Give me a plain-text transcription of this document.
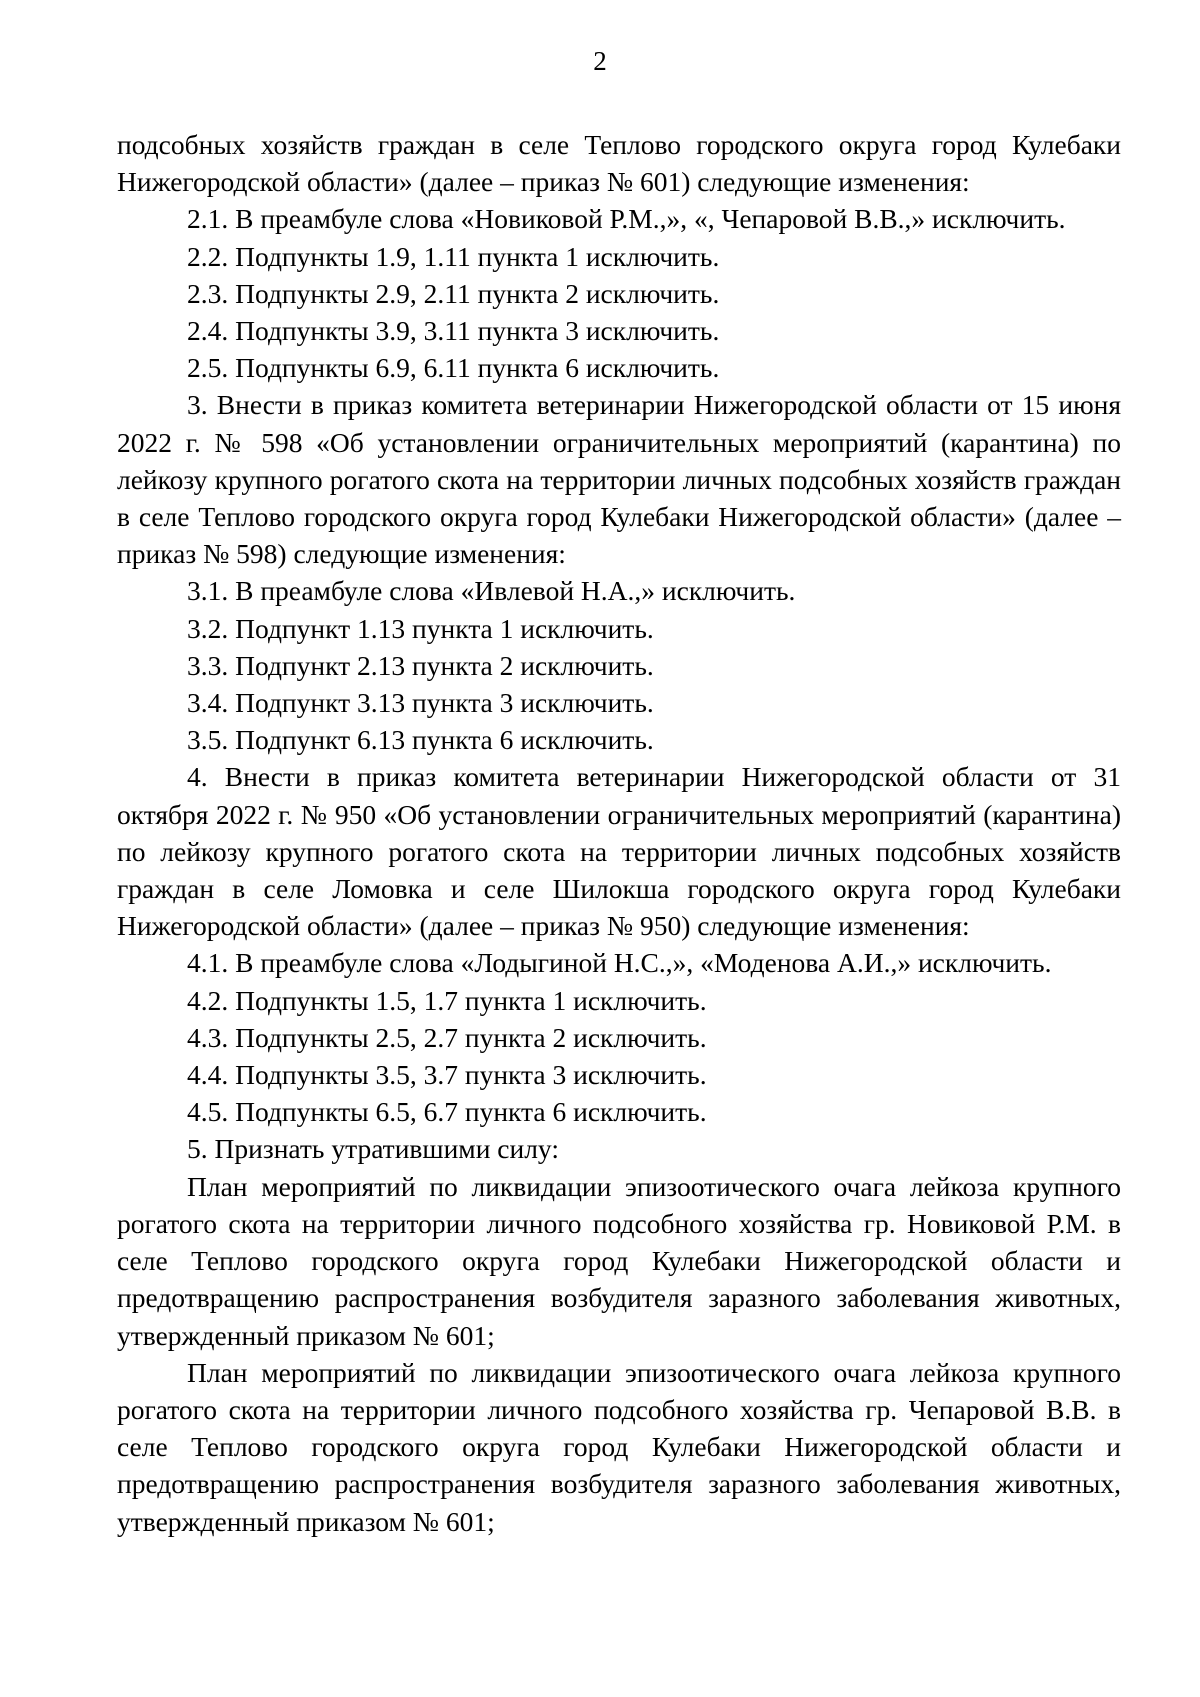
2

подсобных хозяйств граждан в селе Теплово городского округа город Кулебаки Нижегородской области» (далее – приказ № 601) следующие изменения:

2.1. В преамбуле слова «Новиковой Р.М.,», «, Чепаровой В.В.,» исключить.

2.2. Подпункты 1.9, 1.11 пункта 1 исключить.

2.3. Подпункты 2.9, 2.11 пункта 2 исключить.

2.4. Подпункты 3.9, 3.11 пункта 3 исключить.

2.5. Подпункты 6.9, 6.11 пункта 6 исключить.

3. Внести в приказ комитета ветеринарии Нижегородской области от 15 июня 2022 г. № 598 «Об установлении ограничительных мероприятий (карантина) по лейкозу крупного рогатого скота на территории личных подсобных хозяйств граждан в селе Теплово городского округа город Кулебаки Нижегородской области» (далее – приказ № 598) следующие изменения:

3.1. В преамбуле слова «Ивлевой Н.А.,» исключить.

3.2. Подпункт 1.13 пункта 1 исключить.

3.3. Подпункт 2.13 пункта 2 исключить.

3.4. Подпункт 3.13 пункта 3 исключить.

3.5. Подпункт 6.13 пункта 6 исключить.

4. Внести в приказ комитета ветеринарии Нижегородской области от 31 октября 2022 г. № 950 «Об установлении ограничительных мероприятий (карантина) по лейкозу крупного рогатого скота на территории личных подсобных хозяйств граждан в селе Ломовка и селе Шилокша городского округа город Кулебаки Нижегородской области» (далее – приказ № 950) следующие изменения:

4.1. В преамбуле слова «Лодыгиной Н.С.,», «Моденова А.И.,» исключить.

4.2. Подпункты 1.5, 1.7 пункта 1 исключить.

4.3. Подпункты 2.5, 2.7 пункта 2 исключить.

4.4. Подпункты 3.5, 3.7 пункта 3 исключить.

4.5. Подпункты 6.5, 6.7 пункта 6 исключить.

5. Признать утратившими силу:

План мероприятий по ликвидации эпизоотического очага лейкоза крупного рогатого скота на территории личного подсобного хозяйства гр. Новиковой Р.М. в селе Теплово городского округа город Кулебаки Нижегородской области и предотвращению распространения возбудителя заразного заболевания животных, утвержденный приказом № 601;

План мероприятий по ликвидации эпизоотического очага лейкоза крупного рогатого скота на территории личного подсобного хозяйства гр. Чепаровой В.В. в селе Теплово городского округа город Кулебаки Нижегородской области и предотвращению распространения возбудителя заразного заболевания животных, утвержденный приказом № 601;
